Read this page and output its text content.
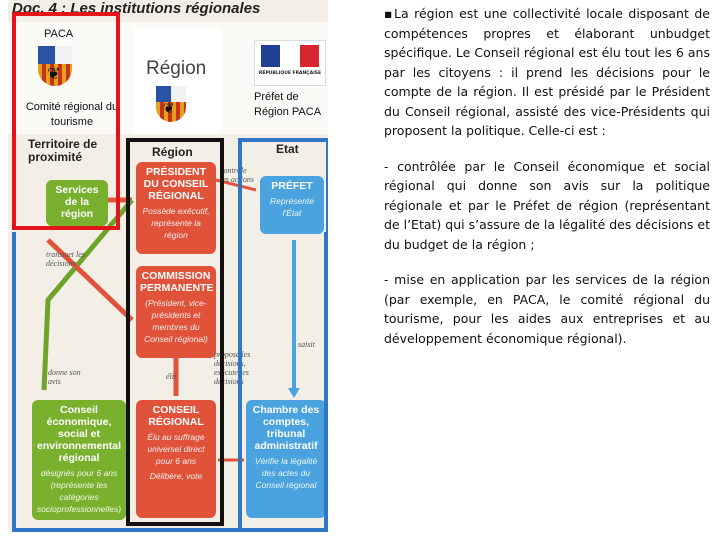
Doc. 4 : Les institutions régionales
PACA
❦
Comité régional du tourisme
Région
❦
RÉPUBLIQUE FRANÇAISE
Préfet de Région PACA
Territoire de proximité	Région	Etat
Services de la région
Conseil économique, social et environnemental régional
désignés pour 6 ans (représente les catégories socioprofessionnelles)
PRÉSIDENT DU CONSEIL RÉGIONAL
Possède exécutif, représente la région
COMMISSION PERMANENTE
(Président, vice-présidents et membres du Conseil régional)
CONSEIL RÉGIONAL
Élu au suffrage universel direct pour 6 ans
Délibère, vote
PRÉFET
Représente l'État
Chambre des comptes, tribunal administratif
Vérifie la légalité des actes du Conseil régional
transmet les décisions
contrôle les actions
donne son avis
élit
propose les décisions, exécute les décisions
saisit

▪La région est une collectivité locale disposant de compétences propres et élaborant unbudget spécifique. Le Conseil régional est élu tout les 6 ans par les citoyens : il prend les décisions pour le compte de la région. Il est présidé par le Président du Conseil régional, assisté des vice-Présidents qui proposent la politique. Celle-ci est :

- contrôlée par le Conseil économique et social régional qui donne son avis sur la politique régionale et par le Préfet de région (représentant de l’Etat) qui s’assure de la légalité des décisions et du budget de la région ;

- mise en application par les services de la région (par exemple, en PACA, le comité régional du tourisme, pour les aides aux entreprises et au développement économique régional).
